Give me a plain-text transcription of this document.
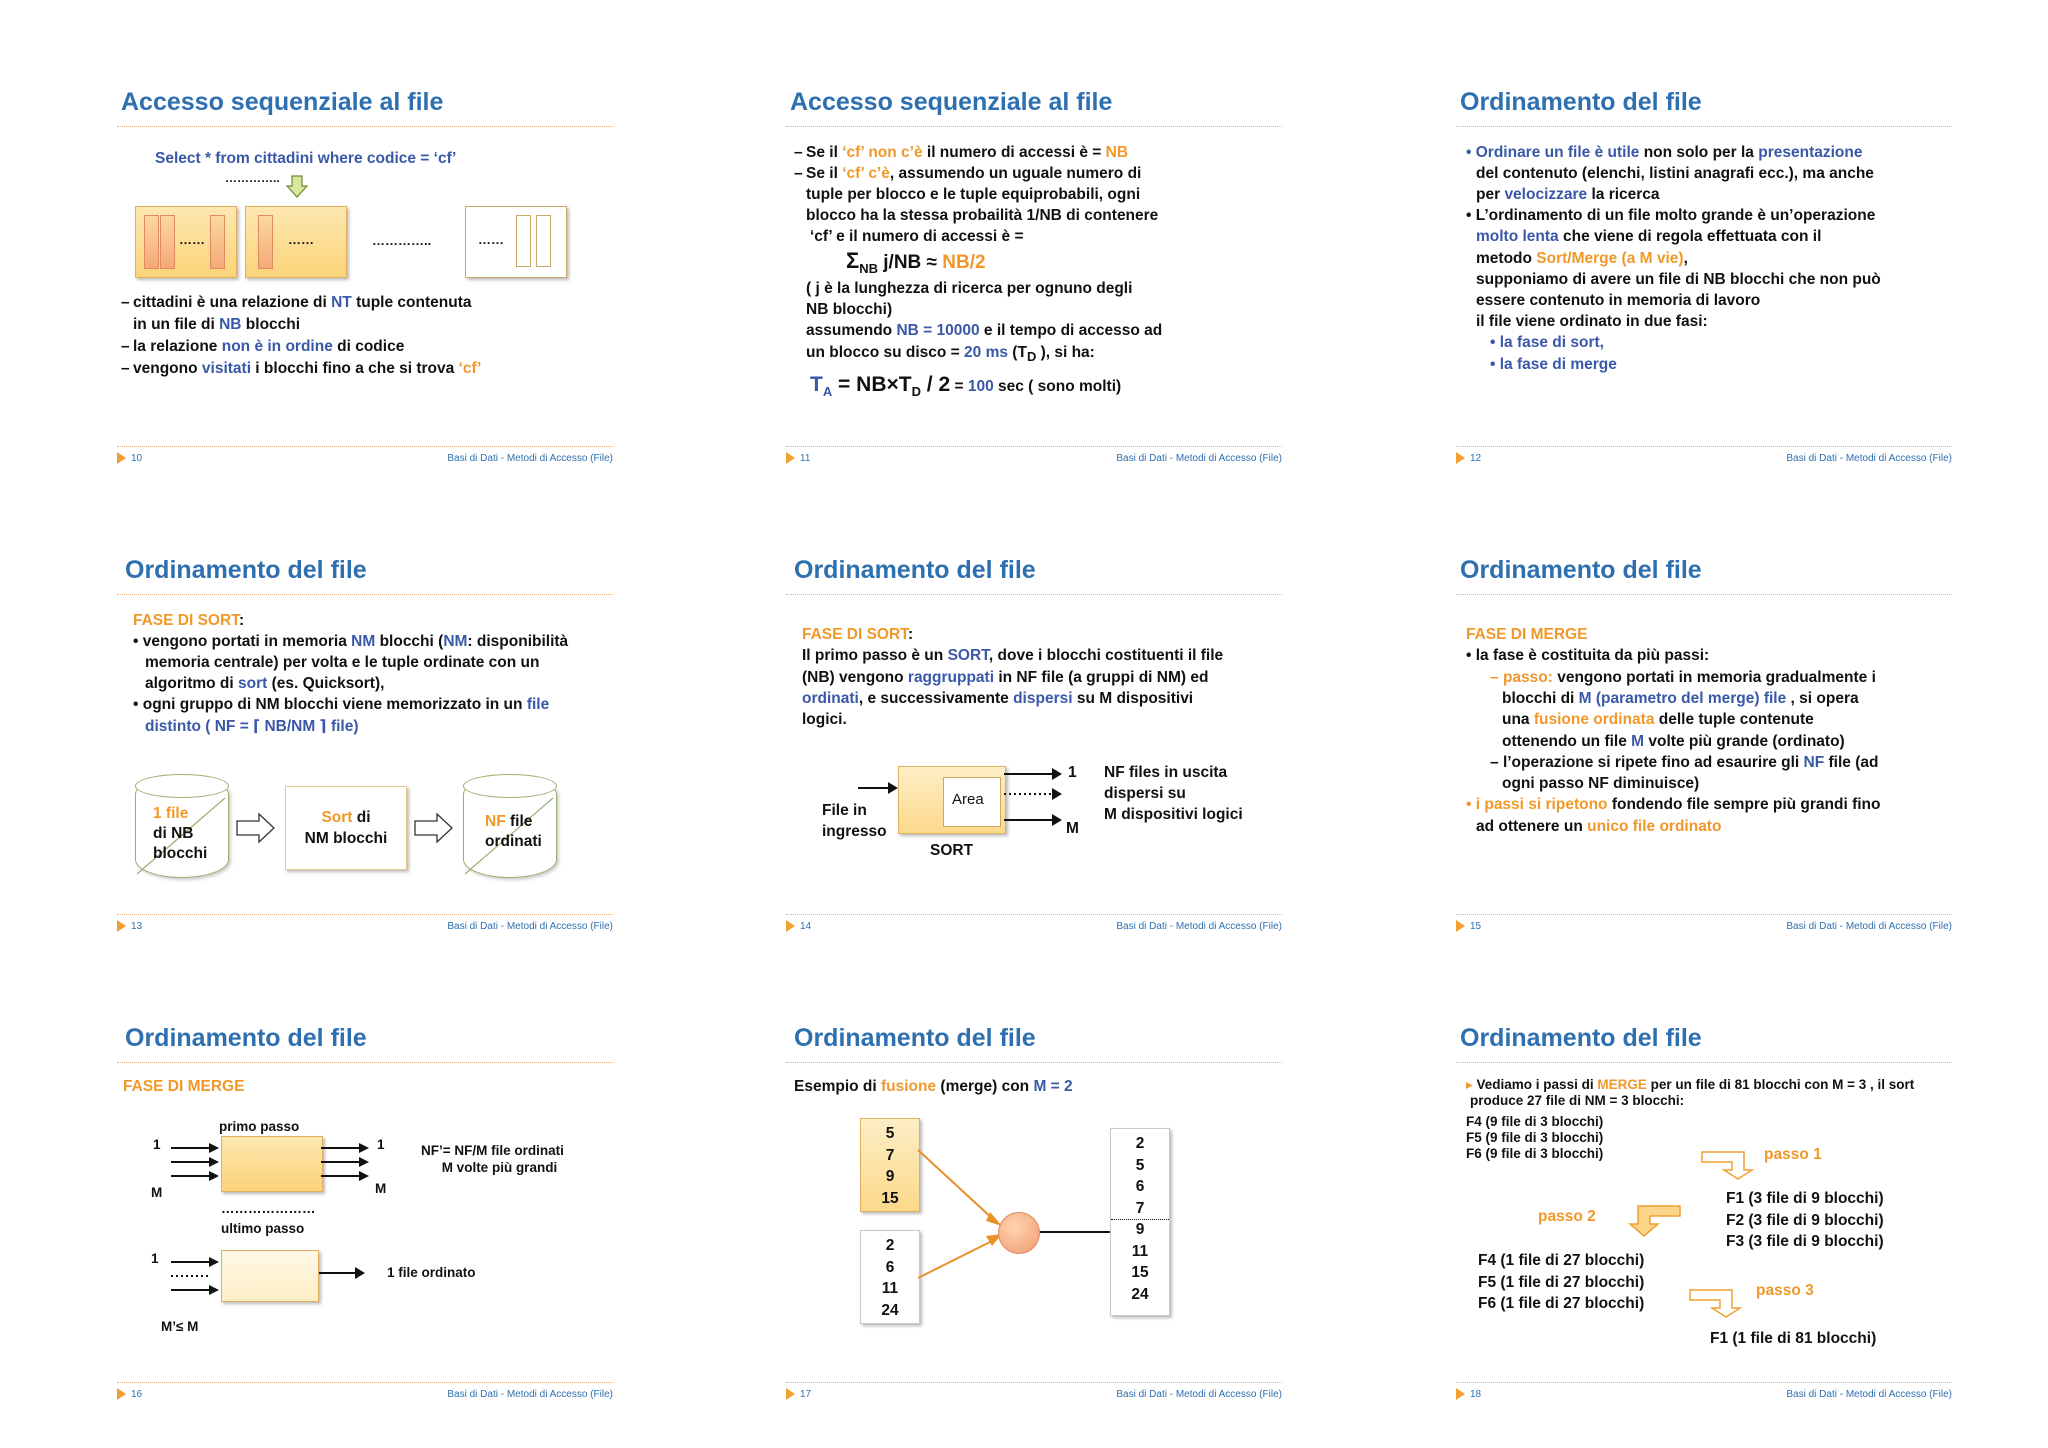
Accesso sequenziale al file
Select * from cittadini where codice = ‘cf’
…………..
……	……	…………..	……
– cittadini è una relazione di NT tuple contenuta
in un file di NB blocchi
– la relazione non è in ordine di codice
– vengono visitati i blocchi fino a che si trova ‘cf’
10	Basi di Dati - Metodi di Accesso (File)
Accesso sequenziale al file
– Se il ‘cf’ non c’è il numero di accessi è = NB
– Se il ‘cf’ c’è, assumendo un uguale numero di
tuple per blocco e le tuple equiprobabili, ogni
blocco ha la stessa probailità 1/NB di contenere
‘cf’ e il numero di accessi è =
$\Sigma_{NB}$ j/NB ≈ NB/2
( j è la lunghezza di ricerca per ognuno degli
NB blocchi)
assumendo NB = 10000 e il tempo di accesso ad
un blocco su disco = 20 ms ($T_D$ ), si ha:
$T_A = NB\times T_D / 2 = 100$ sec ( sono molti)
11	Basi di Dati - Metodi di Accesso (File)
Ordinamento del file
• Ordinare un file è utile non solo per la presentazione
del contenuto (elenchi, listini anagrafi ecc.), ma anche
per velocizzare la ricerca
• L’ordinamento di un file molto grande è un’operazione
molto lenta che viene di regola effettuata con il
metodo Sort/Merge (a M vie),
supponiamo di avere un file di NB blocchi che non può
essere contenuto in memoria di lavoro
il file viene ordinato in due fasi:
• la fase di sort,
• la fase di merge
12	Basi di Dati - Metodi di Accesso (File)
Ordinamento del file
FASE DI SORT:
• vengono portati in memoria NM blocchi (NM: disponibilità
memoria centrale) per volta e le tuple ordinate con un
algoritmo di sort (es. Quicksort),
• ogni gruppo di NM blocchi viene memorizzato in un file
distinto ( NF = ⌈ NB/NM ⌉ file)
1 file
di NB
blocchi
Sort di
NM blocchi
NF file
ordinati
13	Basi di Dati - Metodi di Accesso (File)
Ordinamento del file
FASE DI SORT:
Il primo passo è un SORT, dove i blocchi costituenti il file
(NB) vengono raggruppati in NF file (a gruppi di NM) ed
ordinati, e successivamente dispersi su M dispositivi
logici.
File in
ingresso
Area
SORT
1
M
NF files in uscita
dispersi su
M dispositivi logici
14	Basi di Dati - Metodi di Accesso (File)
Ordinamento del file
FASE DI MERGE
• la fase è costituita da più passi:
– passo: vengono portati in memoria gradualmente i
blocchi di M (parametro del merge) file , si opera
una fusione ordinata delle tuple contenute
ottenendo un file M volte più grande (ordinato)
– l’operazione si ripete fino ad esaurire gli NF file (ad
ogni passo NF diminuisce)
• i passi si ripetono fondendo file sempre più grandi fino
ad ottenere un unico file ordinato
15	Basi di Dati - Metodi di Accesso (File)
Ordinamento del file
FASE DI MERGE
primo passo
1
M
1
M
NF’= NF/M file ordinati
M volte più grandi
…………………
ultimo passo
1
1 file ordinato
M’≤ M
16	Basi di Dati - Metodi di Accesso (File)
Ordinamento del file
Esempio di fusione (merge) con M = 2
5
7
9
15
2
6
11
24
2
5
6
7
9
11
15
24
17	Basi di Dati - Metodi di Accesso (File)
Ordinamento del file
▸ Vediamo i passi di MERGE per un file di 81 blocchi con M = 3 , il sort
produce 27 file di NM = 3 blocchi:
F4 (9 file di 3 blocchi)
F5 (9 file di 3 blocchi)
F6 (9 file di 3 blocchi)	passo 1
F1 (3 file di 9 blocchi)
F2 (3 file di 9 blocchi)
F3 (3 file di 9 blocchi)
passo 2
F4 (1 file di 27 blocchi)
F5 (1 file di 27 blocchi)
F6 (1 file di 27 blocchi)
passo 3
F1 (1 file di 81 blocchi)
18	Basi di Dati - Metodi di Accesso (File)
